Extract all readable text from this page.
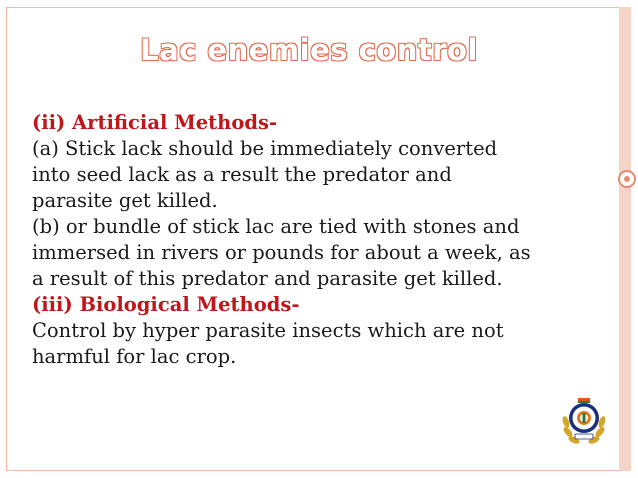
Lac enemies control
(ii) Artificial Methods-
(a) Stick lack should be immediately converted
into seed lack as a result the predator and
parasite get killed.
(b) or bundle of stick lac are tied with stones and
immersed in rivers or pounds for about a week, as
a result of this predator and parasite get killed.
(iii) Biological Methods-
Control by hyper parasite insects which are not
harmful for lac crop.
